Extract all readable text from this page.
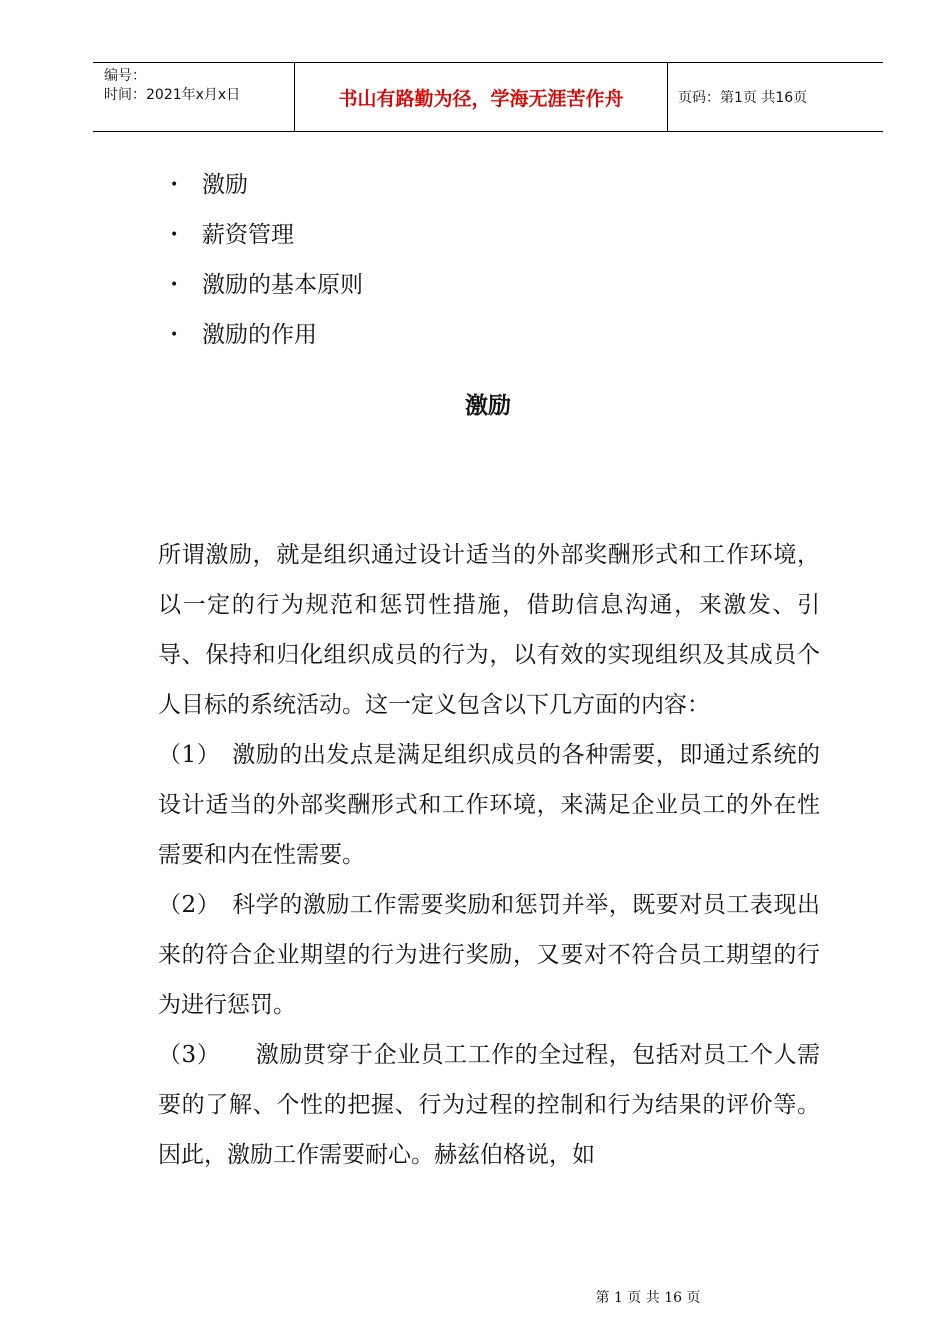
编号：
时间：2021年x月x日	书山有路勤为径，学海无涯苦作舟	页码：第1页 共16页
•	激励
•	薪资管理
•	激励的基本原则
•	激励的作用
激励

所谓激励，就是组织通过设计适当的外部奖酬形式和工作环境，以一定的行为规范和惩罚性措施，借助信息沟通，来激发、引导、保持和归化组织成员的行为，以有效的实现组织及其成员个人目标的系统活动。这一定义包含以下几方面的内容：

（1）　激励的出发点是满足组织成员的各种需要，即通过系统的设计适当的外部奖酬形式和工作环境，来满足企业员工的外在性需要和内在性需要。

（2）　科学的激励工作需要奖励和惩罚并举，既要对员工表现出来的符合企业期望的行为进行奖励，又要对不符合员工期望的行为进行惩罚。

（3）　　激励贯穿于企业员工工作的全过程，包括对员工个人需要的了解、个性的把握、行为过程的控制和行为结果的评价等。因此，激励工作需要耐心。赫兹伯格说，如

第 1 页 共 16 页
